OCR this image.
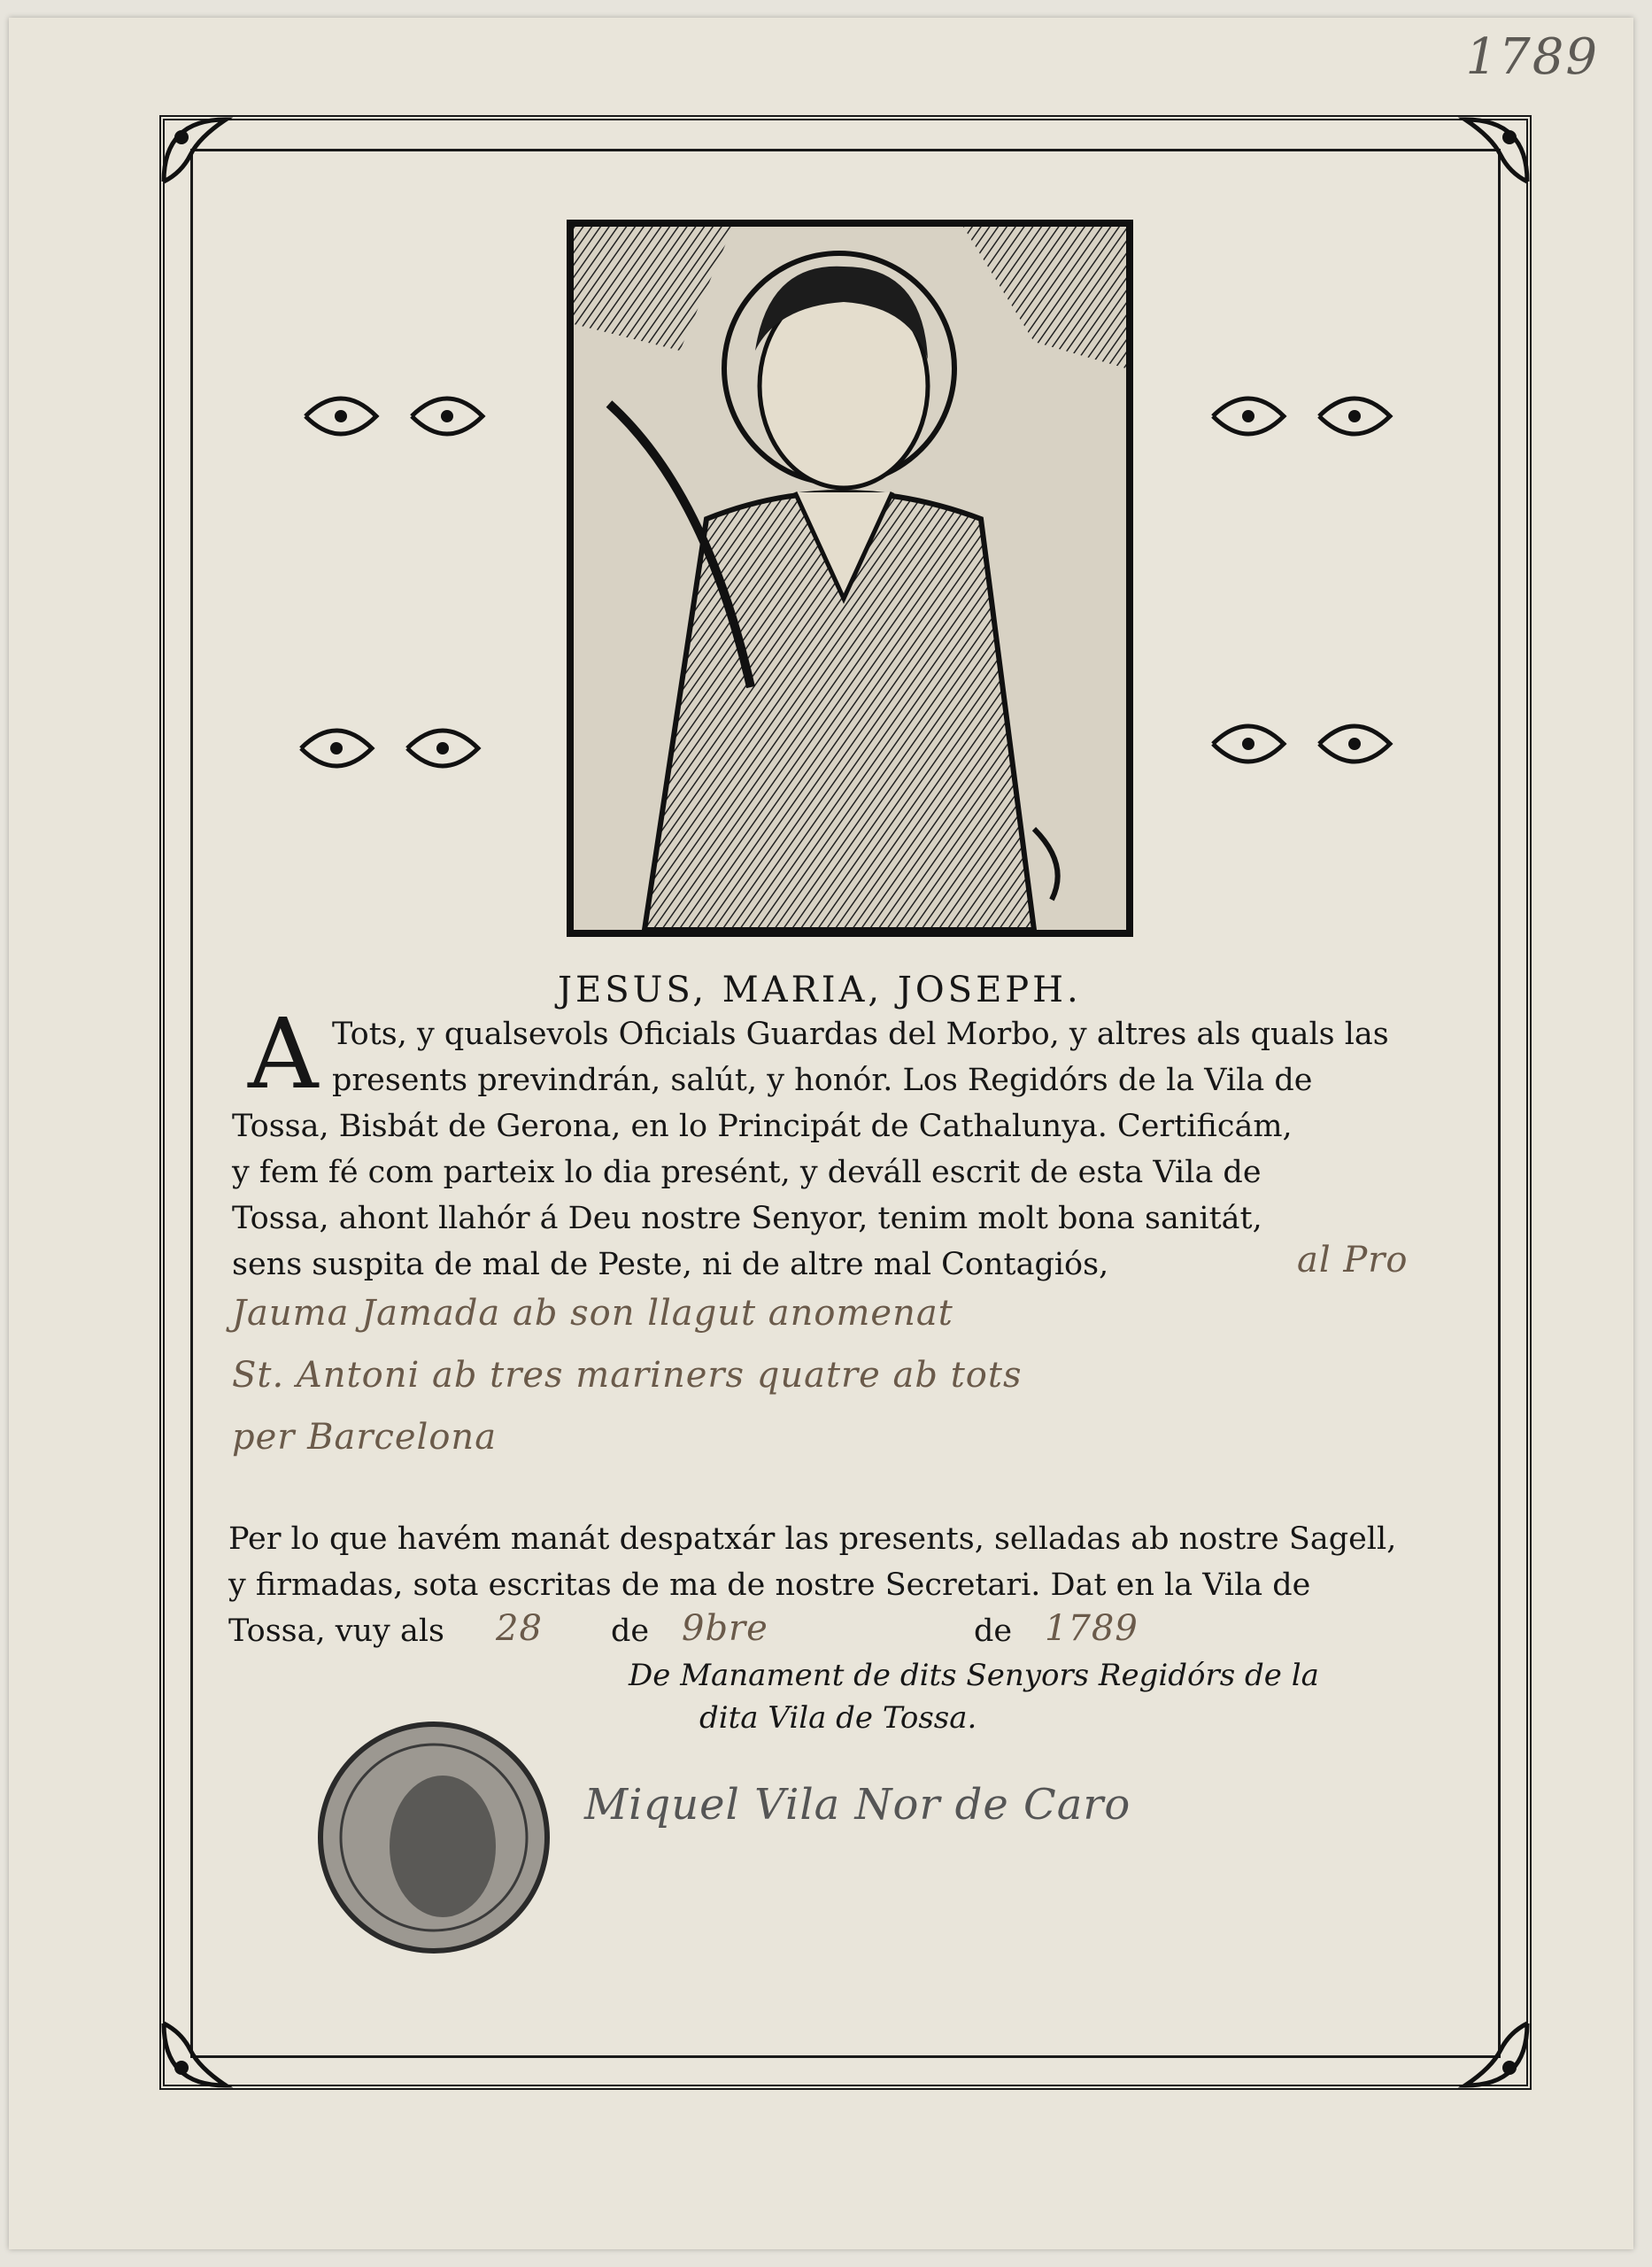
1789
JESUS, MARIA, JOSEPH.
A Tots, y qualsevols Oficials Guardas del Morbo, y altres als quals las
presents previndrán, salút, y honór. Los Regidórs de la Vila de
Tossa, Bisbát de Gerona, en lo Principát de Cathalunya. Certificám,
y fem fé com parteix lo dia presént, y deváll escrit de esta Vila de
Tossa, ahont llahór á Deu nostre Senyor, tenim molt bona sanitát,
sens suspita de mal de Peste, ni de altre mal Contagiós,	al Pro
Jauma Jamada ab son llagut anomenat
St. Antoni ab tres mariners quatre ab tots
per Barcelona
Per lo que havém manát despatxár las presents, selladas ab nostre Sagell,
y firmadas, sota escritas de ma de nostre Secretari. Dat en la Vila de
Tossa, vuy als 28 de 9bre	de 1789
De Manament de dits Senyors Regidórs de la
dita Vila de Tossa.
Miquel Vila Nor de Caro
